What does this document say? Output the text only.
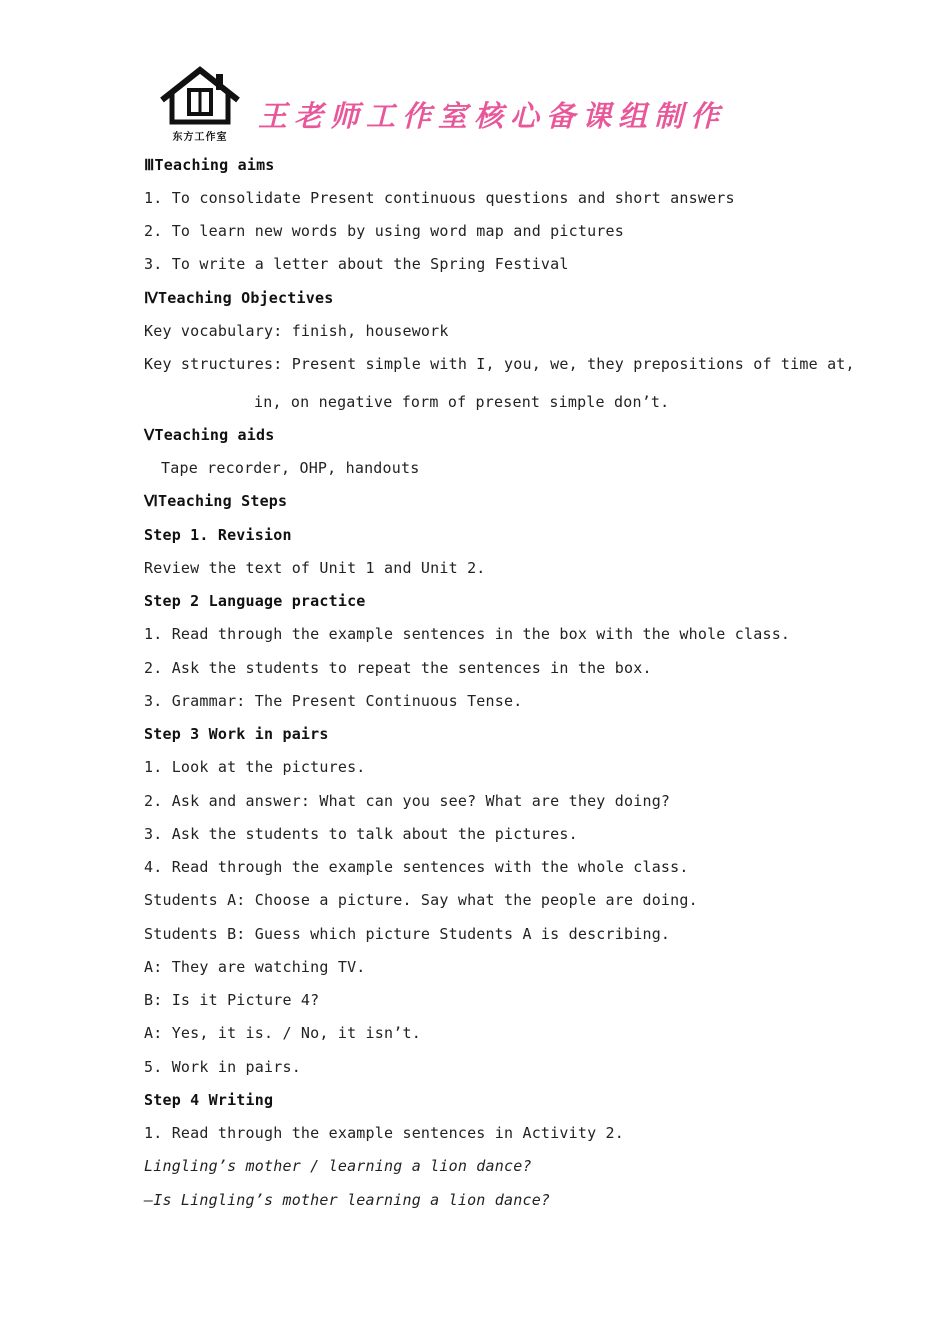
东方工作室
王老师工作室核心备课组制作
ⅢTeaching aims
1. To consolidate Present continuous questions and short answers
2. To learn new words by using word map and pictures
3. To write a letter about the Spring Festival
ⅣTeaching Objectives
Key vocabulary: finish, housework
Key structures: Present simple with I, you, we, they prepositions of time at,
in, on negative form of present simple don’t.
ⅤTeaching aids
Tape recorder, OHP, handouts
ⅥTeaching Steps
Step 1. Revision
Review the text of Unit 1 and Unit 2.
Step 2 Language practice
1. Read through the example sentences in the box with the whole class.
2. Ask the students to repeat the sentences in the box.
3. Grammar: The Present Continuous Tense.
Step 3 Work in pairs
1. Look at the pictures.
2. Ask and answer: What can you see? What are they doing?
3. Ask the students to talk about the pictures.
4. Read through the example sentences with the whole class.
Students A: Choose a picture. Say what the people are doing.
Students B: Guess which picture Students A is describing.
A: They are watching TV.
B: Is it Picture 4?
A: Yes, it is. / No, it isn’t.
5. Work in pairs.
Step 4 Writing
1. Read through the example sentences in Activity 2.
Lingling’s mother / learning a lion dance?
—Is Lingling’s mother learning a lion dance?
